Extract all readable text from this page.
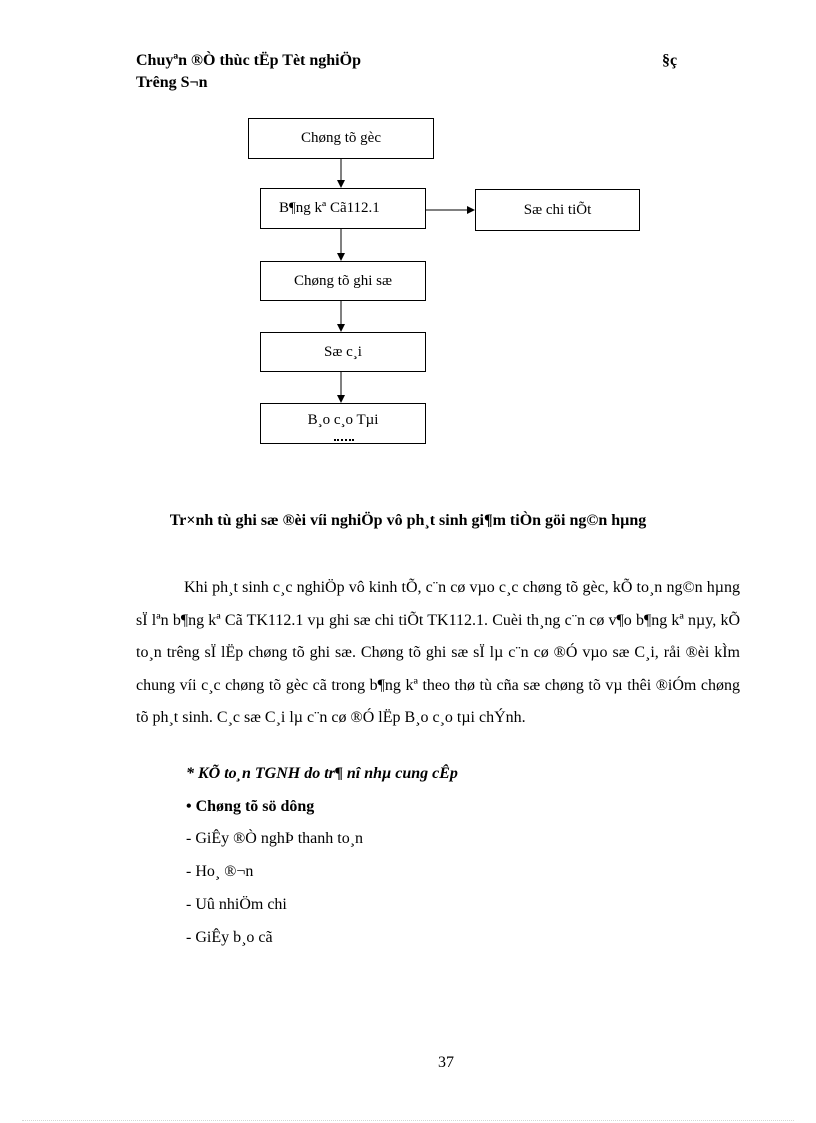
Chuyªn ®Ò thùc tËp Tèt nghiÖp
Trêng S¬n
§ç
Chøng tõ gèc
B¶ng kª Cã112.1	Sæ chi tiÕt
Chøng tõ ghi sæ
Sæ c¸i
B¸o c¸o Tµi
Tr×nh tù ghi sæ ®èi víi nghiÖp vô ph¸t sinh gi¶m tiÒn göi ng©n hµng
Khi ph¸t sinh c¸c nghiÖp vô kinh tÕ, c¨n cø vµo c¸c chøng tõ gèc, kÕ to¸n ng©n hµng sÏ lªn b¶ng kª Cã TK112.1 vµ ghi sæ chi tiÕt TK112.1. Cuèi th¸ng c¨n cø v¶o b¶ng kª nµy, kÕ to¸n trêng sÏ lËp chøng tõ ghi sæ. Chøng tõ ghi sæ sÏ lµ c¨n cø ®Ó vµo sæ C¸i, råi ®èi kÌm chung víi c¸c chøng tõ gèc cã trong b¶ng kª theo thø tù cña sæ chøng tõ vµ thêi ®iÓm chøng tõ ph¸t sinh. C¸c sæ C¸i lµ c¨n cø ®Ó lËp B¸o c¸o tµi chÝnh.
* KÕ to¸n TGNH do tr¶ nî nhµ cung cÊp
• Chøng tõ sö dông
- GiÊy ®Ò nghÞ thanh to¸n
- Ho¸ ®¬n
- Uû nhiÖm chi
- GiÊy b¸o cã
37
